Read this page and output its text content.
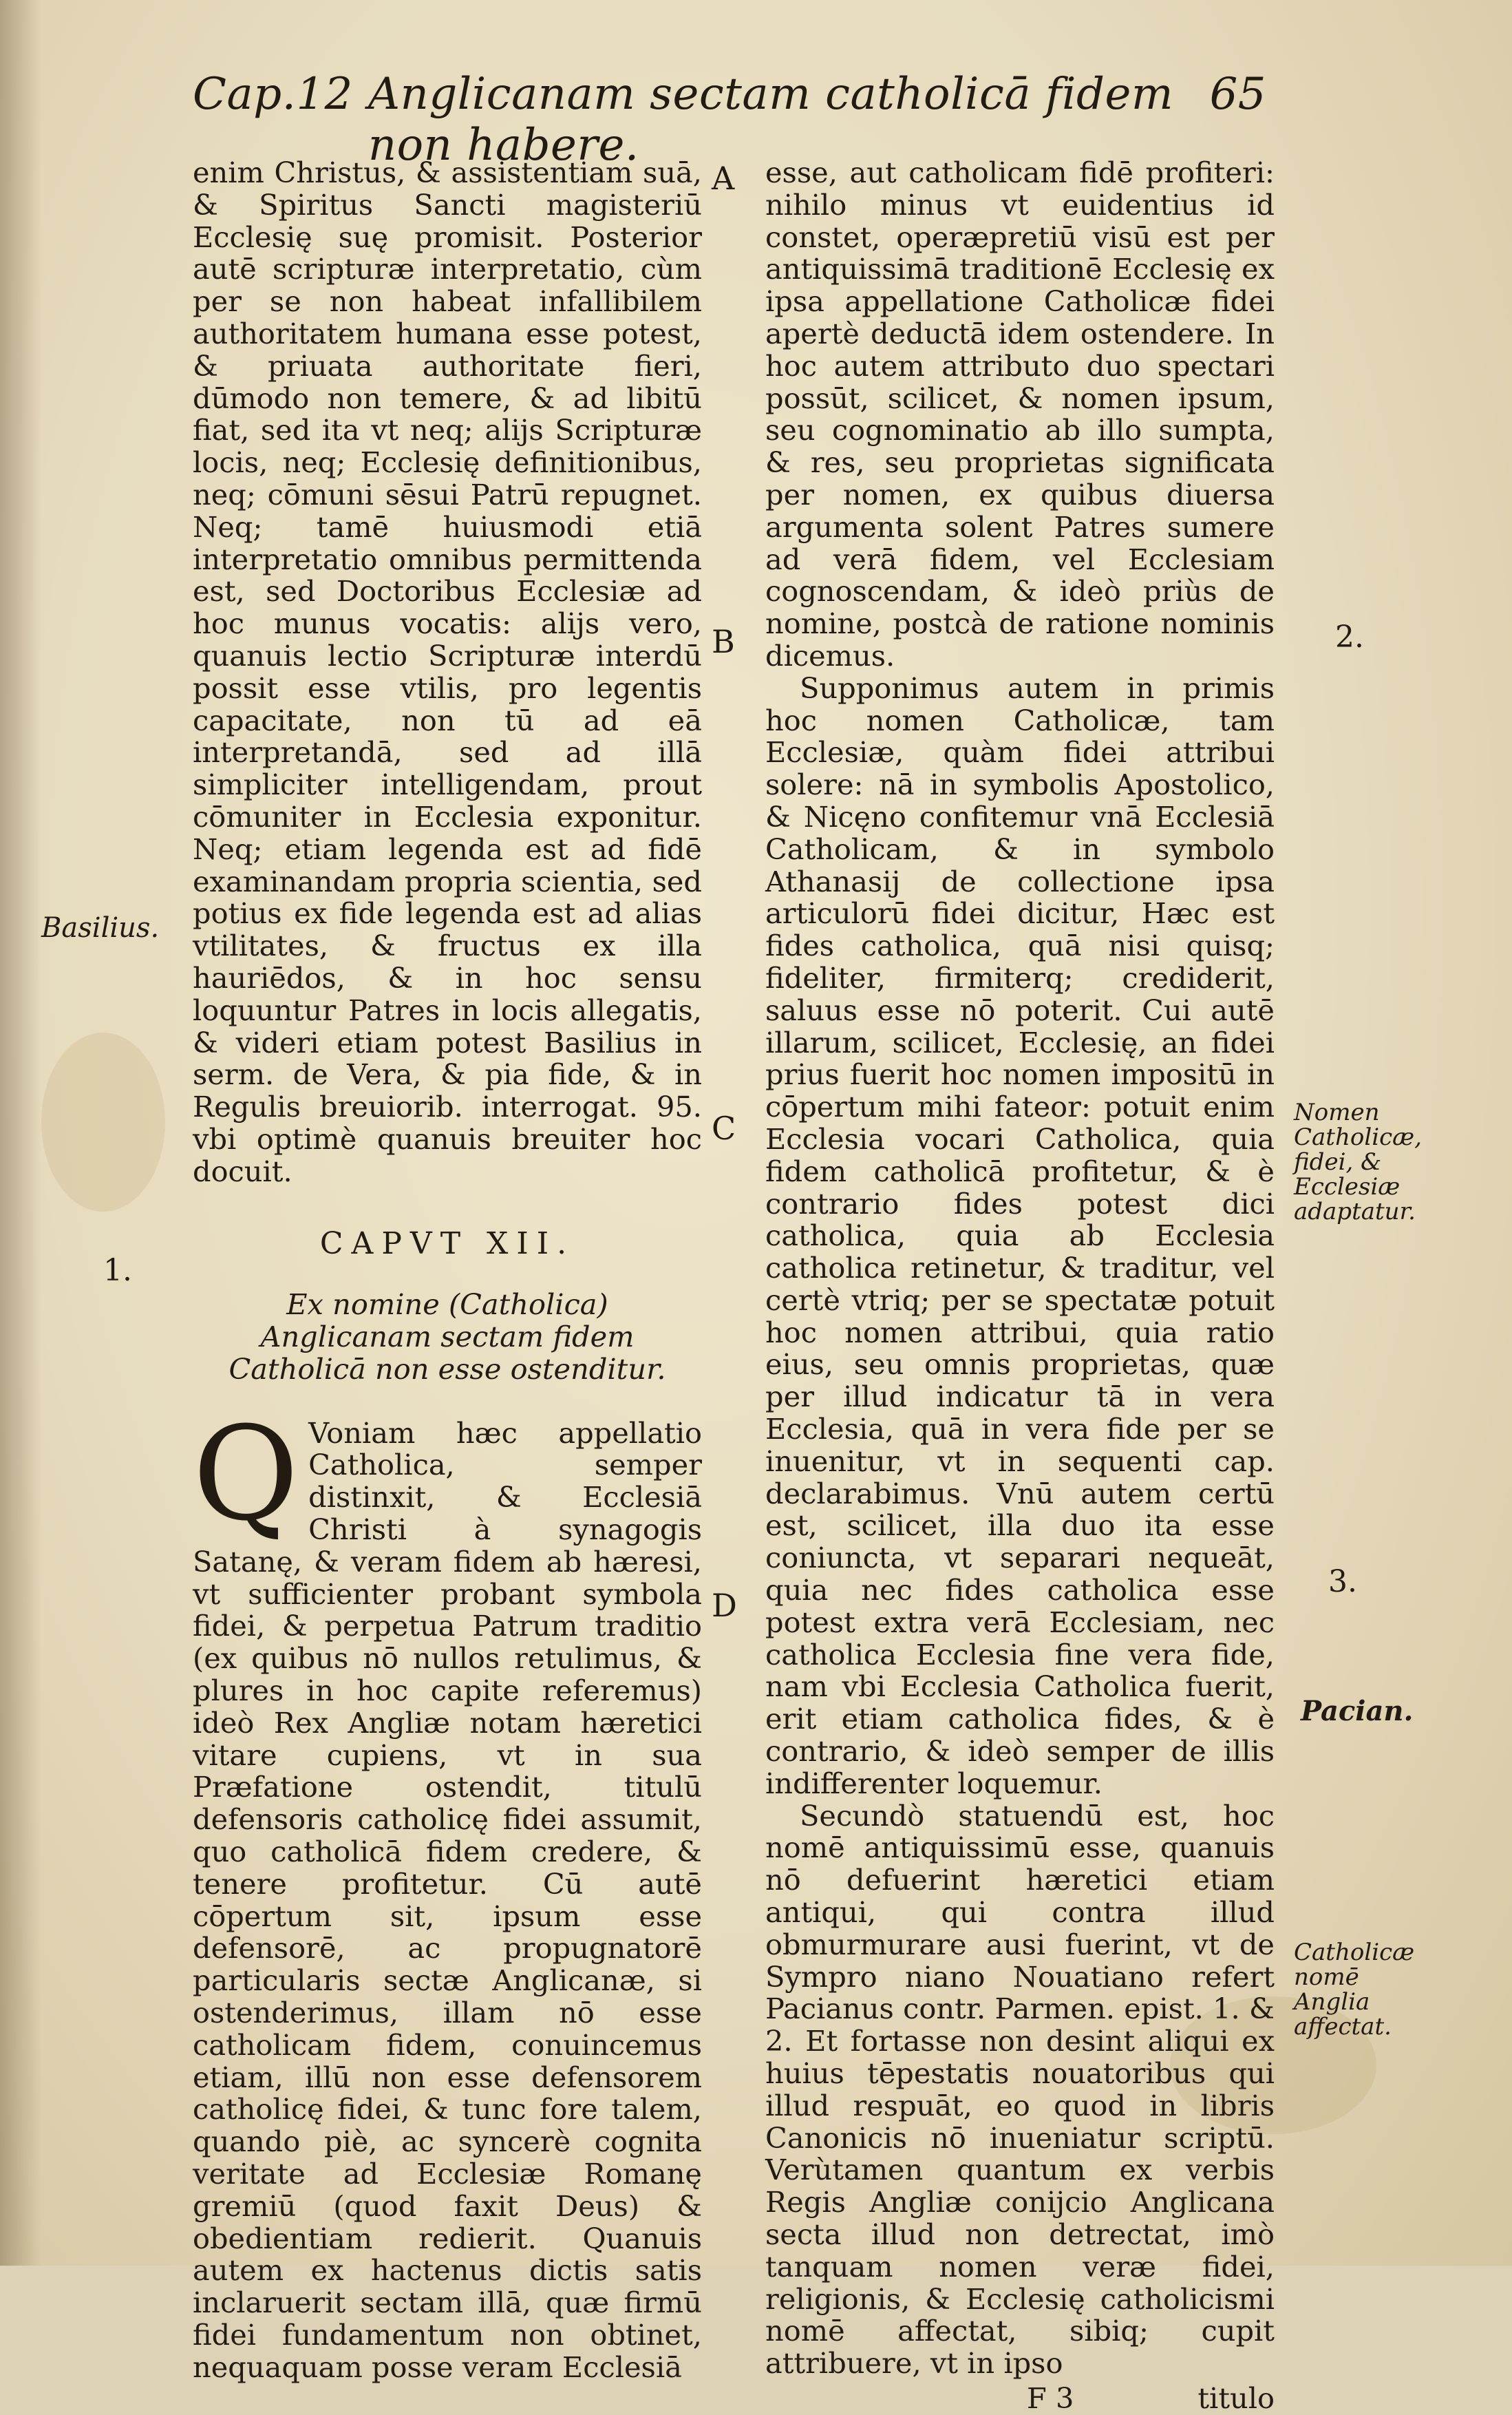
Cap.12 Anglicanam sectam catholicā fidem non habere.
65

enim Christus, & assistentiam suā, & Spiritus Sancti magisteriū Ecclesię suę promisit. Posterior autē scripturæ interpretatio, cùm per se non habeat infallibilem authoritatem humana esse potest, & priuata authoritate fieri, dūmodo non temere, & ad libitū fiat, sed ita vt neq; alijs Scripturæ locis, neq; Ecclesię definitionibus, neq; cōmuni sēsui Patrū repugnet. Neq; tamē huiusmodi etiā interpretatio omnibus permittenda est, sed Doctoribus Ecclesiæ ad hoc munus vocatis: alijs vero, quanuis lectio Scripturæ interdū possit esse vtilis, pro legentis capacitate, non tū ad eā interpretandā, sed ad illā simpliciter intelligendam, prout cōmuniter in Ecclesia exponitur. Neq; etiam legenda est ad fidē examinandam propria scientia, sed potius ex fide legenda est ad alias vtilitates, & fructus ex illa hauriēdos, & in hoc sensu loquuntur Patres in locis allegatis, & videri etiam potest Basilius in serm. de Vera, & pia fide, & in Regulis breuiorib. interrogat. 95. vbi optimè quanuis breuiter hoc docuit.

CAPVT XII.

Ex nomine (Catholica) Anglicanam sectam fidem Catholicā non esse ostenditur.

Q Voniam hæc appellatio Catholica, semper distinxit, & Ecclesiā Christi à synagogis Satanę, & veram fidem ab hæresi, vt sufficienter probant symbola fidei, & perpetua Patrum traditio (ex quibus nō nullos retulimus, & plures in hoc capite referemus) ideò Rex Angliæ notam hæretici vitare cupiens, vt in sua Præfatione ostendit, titulū defensoris catholicę fidei assumit, quo catholicā fidem credere, & tenere profitetur. Cū autē cōpertum sit, ipsum esse defensorē, ac propugnatorē particularis sectæ Anglicanæ, si ostenderimus, illam nō esse catholicam fidem, conuincemus etiam, illū non esse defensorem catholicę fidei, & tunc fore talem, quando piè, ac syncerè cognita veritate ad Ecclesiæ Romanę gremiū (quod faxit Deus) & obedientiam redierit. Quanuis autem ex hactenus dictis satis inclaruerit sectam illā, quæ firmū fidei fundamentum non obtinet, nequaquam posse veram Ecclesiā

esse, aut catholicam fidē profiteri: nihilo minus vt euidentius id constet, operæpretiū visū est per antiquissimā traditionē Ecclesię ex ipsa appellatione Catholicæ fidei apertè deductā idem ostendere. In hoc autem attributo duo spectari possūt, scilicet, & nomen ipsum, seu cognominatio ab illo sumpta, & res, seu proprietas significata per nomen, ex quibus diuersa argumenta solent Patres sumere ad verā fidem, vel Ecclesiam cognoscendam, & ideò priùs de nomine, postcà de ratione nominis dicemus.

Supponimus autem in primis hoc nomen Catholicæ, tam Ecclesiæ, quàm fidei attribui solere: nā in symbolis Apostolico, & Nicęno confitemur vnā Ecclesiā Catholicam, & in symbolo Athanasij de collectione ipsa articulorū fidei dicitur, Hæc est fides catholica, quā nisi quisq; fideliter, firmiterq; crediderit, saluus esse nō poterit. Cui autē illarum, scilicet, Ecclesię, an fidei prius fuerit hoc nomen impositū in cōpertum mihi fateor: potuit enim Ecclesia vocari Catholica, quia fidem catholicā profitetur, & è contrario fides potest dici catholica, quia ab Ecclesia catholica retinetur, & traditur, vel certè vtriq; per se spectatæ potuit hoc nomen attribui, quia ratio eius, seu omnis proprietas, quæ per illud indicatur tā in vera Ecclesia, quā in vera fide per se inuenitur, vt in sequenti cap. declarabimus. Vnū autem certū est, scilicet, illa duo ita esse coniuncta, vt separari nequeāt, quia nec fides catholica esse potest extra verā Ecclesiam, nec catholica Ecclesia fine vera fide, nam vbi Ecclesia Catholica fuerit, erit etiam catholica fides, & è contrario, & ideò semper de illis indifferenter loquemur.

Secundò statuendū est, hoc nomē antiquissimū esse, quanuis nō defuerint hæretici etiam antiqui, qui contra illud obmurmurare ausi fuerint, vt de Sympro niano Nouatiano refert Pacianus contr. Parmen. epist. 1. & 2. Et fortasse non desint aliqui ex huius tēpestatis nouatoribus qui illud respuāt, eo quod in libris Canonicis nō inueniatur scriptū. Verùtamen quantum ex verbis Regis Angliæ conijcio Anglicana secta illud non detrectat, imò tanquam nomen veræ fidei, religionis, & Ecclesię catholicismi nomē affectat, sibiq; cupit attribuere, vt in ipso

F 3	titulo

A
B
C
D
Basilius.
1.
2.
Nomen Catholicæ, fidei, & Ecclesiæ adaptatur.
3.
Pacian.
Catholicæ nomē Anglia affectat.
